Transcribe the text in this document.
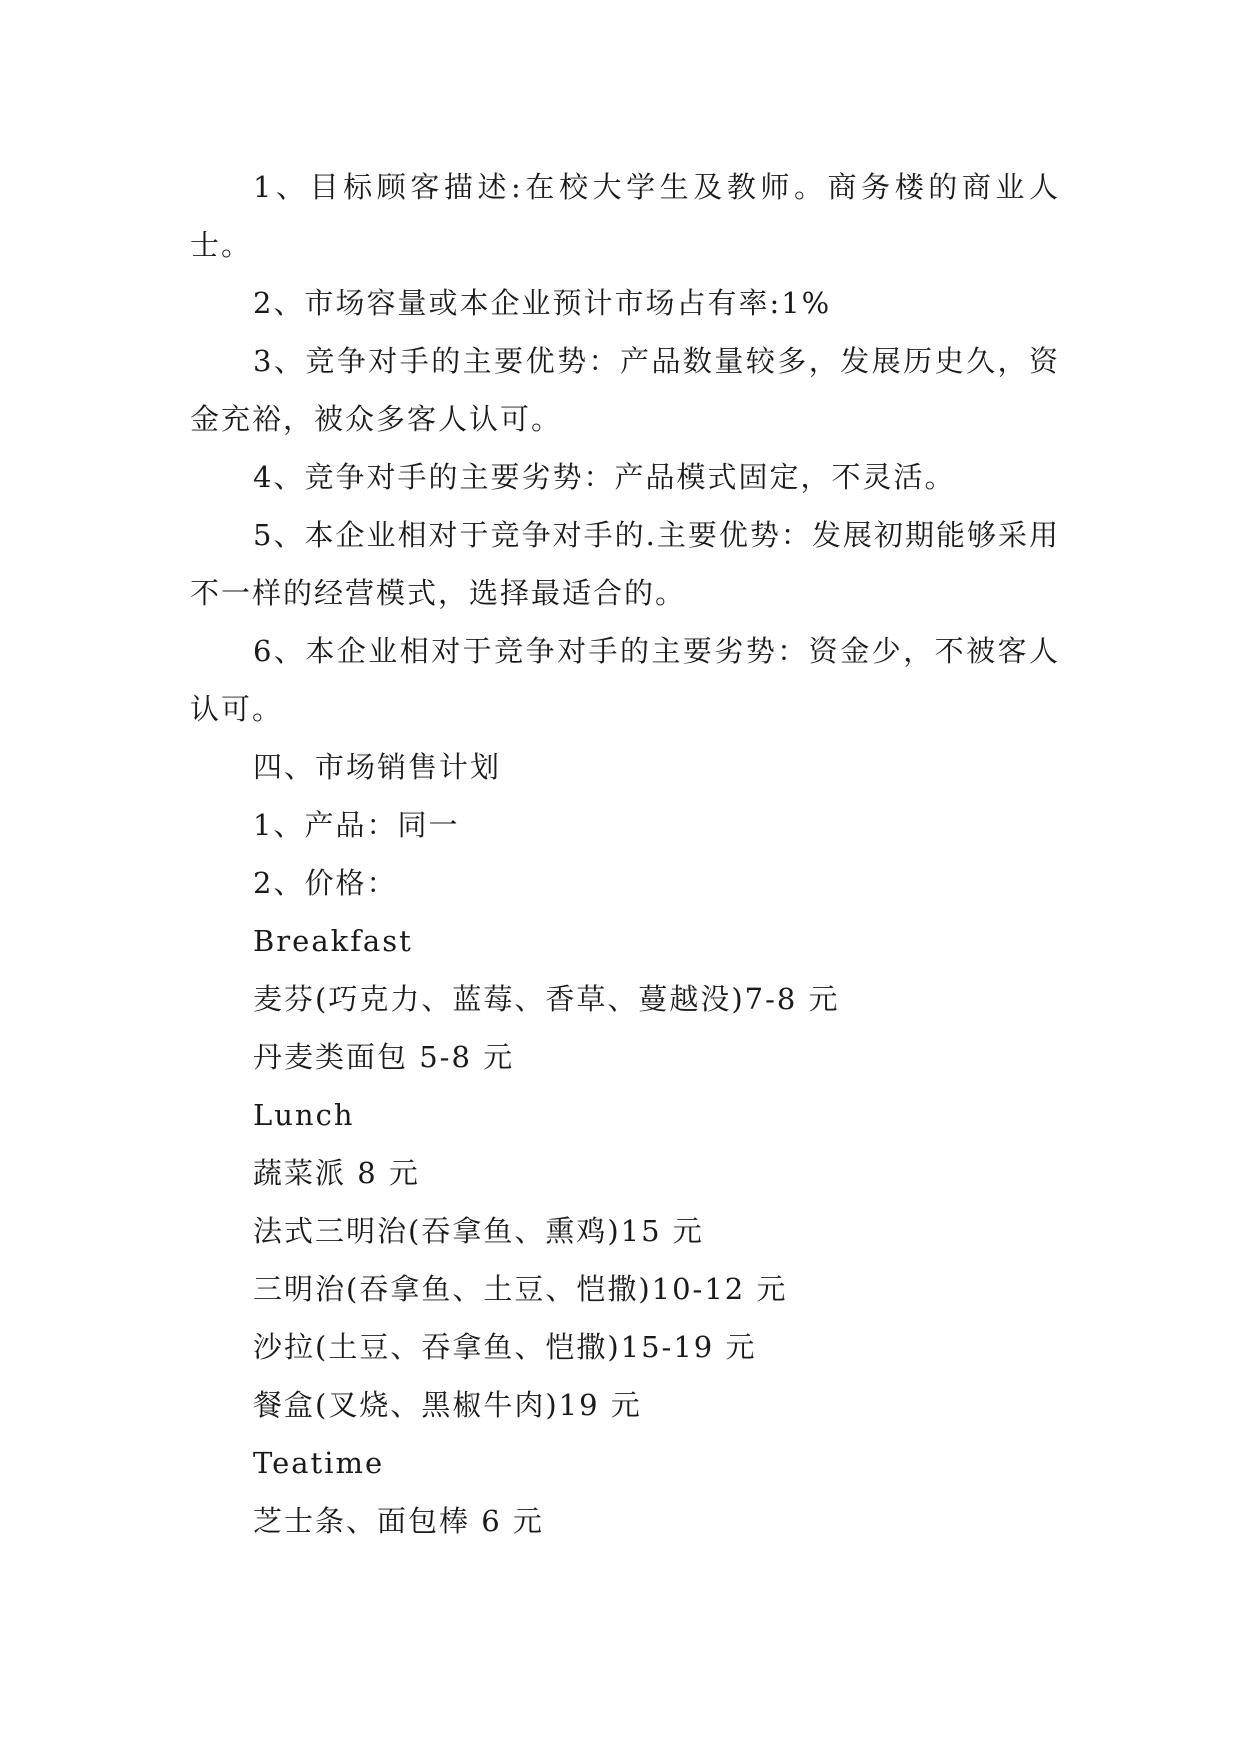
1、目标顾客描述:在校大学生及教师。商务楼的商业人士。

2、市场容量或本企业预计市场占有率:1%

3、竞争对手的主要优势：产品数量较多，发展历史久，资金充裕，被众多客人认可。

4、竞争对手的主要劣势：产品模式固定，不灵活。

5、本企业相对于竞争对手的.主要优势：发展初期能够采用不一样的经营模式，选择最适合的。

6、本企业相对于竞争对手的主要劣势：资金少，不被客人认可。

四、市场销售计划

1、产品：同一

2、价格：

Breakfast

麦芬(巧克力、蓝莓、香草、蔓越没)7-8 元

丹麦类面包 5-8 元

Lunch

蔬菜派 8 元

法式三明治(吞拿鱼、熏鸡)15 元

三明治(吞拿鱼、土豆、恺撒)10-12 元

沙拉(土豆、吞拿鱼、恺撒)15-19 元

餐盒(叉烧、黑椒牛肉)19 元

Teatime

芝士条、面包棒 6 元
